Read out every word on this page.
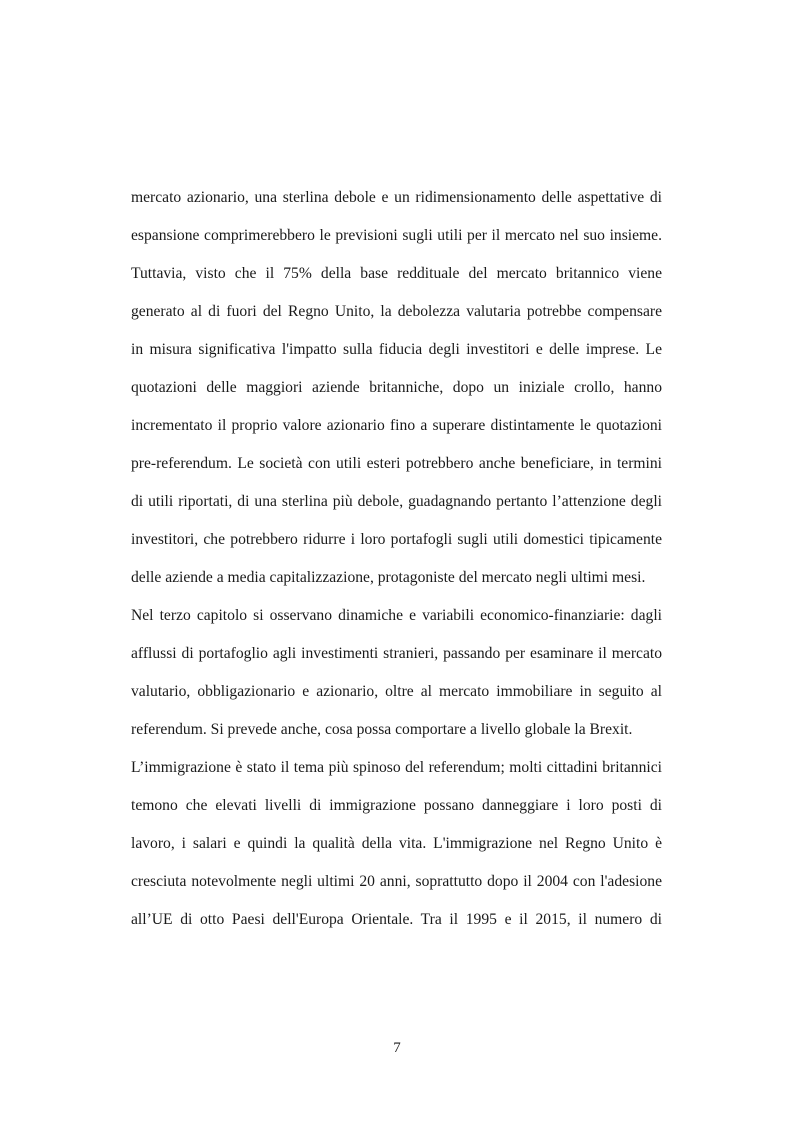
mercato azionario, una sterlina debole e un ridimensionamento delle aspettative di
espansione comprimerebbero le previsioni sugli utili per il mercato nel suo insieme.
Tuttavia, visto che il 75% della base reddituale del mercato britannico viene
generato al di fuori del Regno Unito, la debolezza valutaria potrebbe compensare
in misura significativa l'impatto sulla fiducia degli investitori e delle imprese. Le
quotazioni delle maggiori aziende britanniche, dopo un iniziale crollo, hanno
incrementato il proprio valore azionario fino a superare distintamente le quotazioni
pre-referendum. Le società con utili esteri potrebbero anche beneficiare, in termini
di utili riportati, di una sterlina più debole, guadagnando pertanto l’attenzione degli
investitori, che potrebbero ridurre i loro portafogli sugli utili domestici tipicamente
delle aziende a media capitalizzazione, protagoniste del mercato negli ultimi mesi.
Nel terzo capitolo si osservano dinamiche e variabili economico-finanziarie: dagli
afflussi di portafoglio agli investimenti stranieri, passando per esaminare il mercato
valutario, obbligazionario e azionario, oltre al mercato immobiliare in seguito al
referendum. Si prevede anche, cosa possa comportare a livello globale la Brexit.
L’immigrazione è stato il tema più spinoso del referendum; molti cittadini britannici
temono che elevati livelli di immigrazione possano danneggiare i loro posti di
lavoro, i salari e quindi la qualità della vita. L'immigrazione nel Regno Unito è
cresciuta notevolmente negli ultimi 20 anni, soprattutto dopo il 2004 con l'adesione
all’UE di otto Paesi dell'Europa Orientale. Tra il 1995 e il 2015, il numero di
7
